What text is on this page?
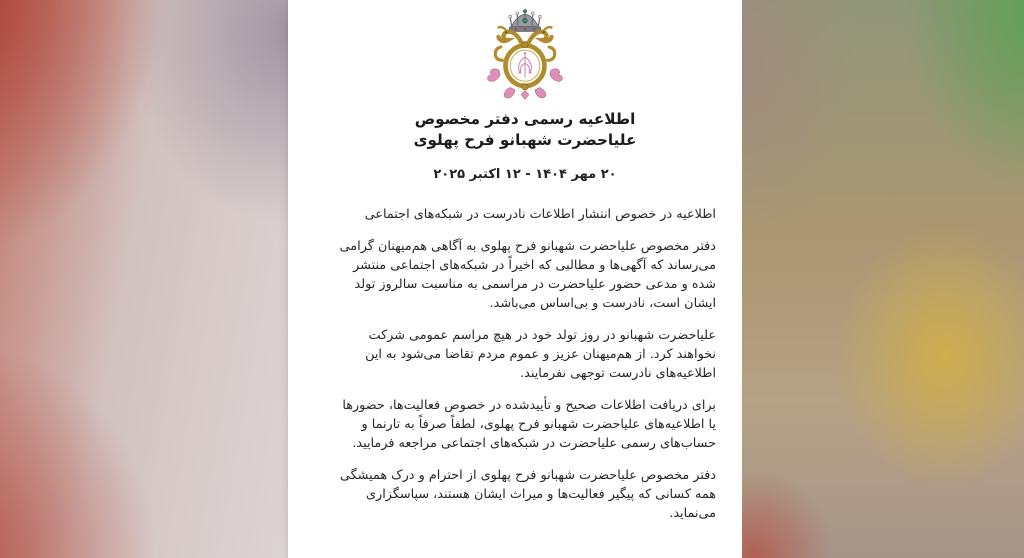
اطلاعیه رسمی دفتر مخصوص
علیاحضرت شهبانو فرح پهلوی
۲۰ مهر ۱۴۰۴ - ۱۲ اکتبر ۲۰۲۵
اطلاعیه در خصوص انتشار اطلاعات نادرست در شبکه‌های اجتماعی

دفتر مخصوص علیاحضرت شهبانو فرح پهلوی به آگاهی هم‌میهنان گرامی می‌رساند که آگهی‌ها و مطالبی که اخیراً در شبکه‌های اجتماعی منتشر شده و مدعی حضور علیاحضرت در مراسمی به مناسبت سالروز تولد ایشان است، نادرست و بی‌اساس می‌باشد.

علیاحضرت شهبانو در روز تولد خود در هیچ مراسم عمومی شرکت نخواهند کرد. از هم‌میهنان عزیز و عموم مردم تقاضا می‌شود به این اطلاعیه‌های نادرست توجهی نفرمایند.

برای دریافت اطلاعات صحیح و تأییدشده در خصوص فعالیت‌ها، حضورها یا اطلاعیه‌های علیاحضرت شهبانو فرح پهلوی، لطفاً صرفاً به تارنما و حساب‌های رسمی علیاحضرت در شبکه‌های اجتماعی مراجعه فرمایید.

دفتر مخصوص علیاحضرت شهبانو فرح پهلوی از احترام و درک همیشگی همه کسانی که پیگیر فعالیت‌ها و میراث ایشان هستند، سپاسگزاری می‌نماید.
